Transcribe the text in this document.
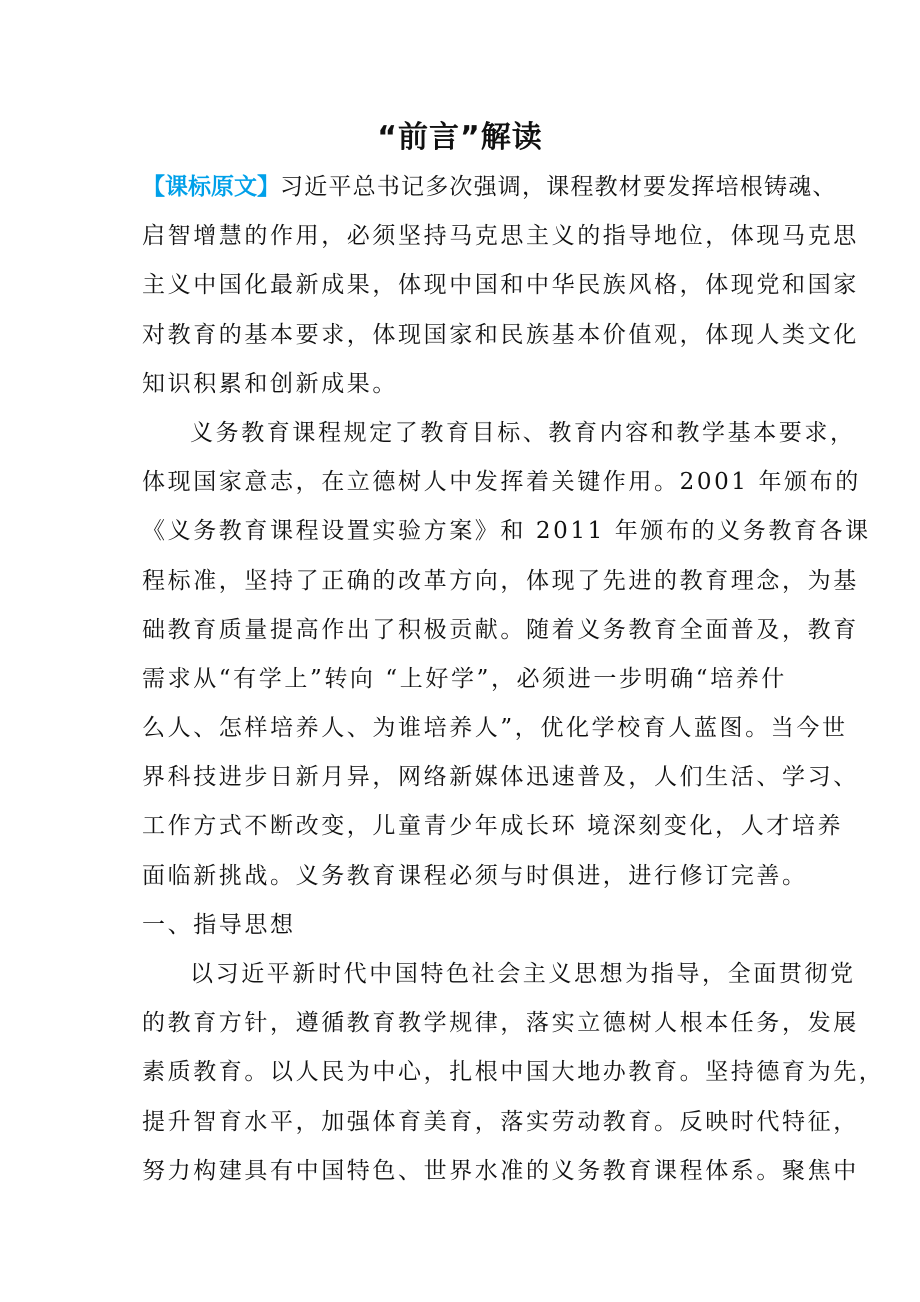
“前言”解读
【课标原文】习近平总书记多次强调，课程教材要发挥培根铸魂、
启智增慧的作用，必须坚持马克思主义的指导地位，体现马克思
主义中国化最新成果，体现中国和中华民族风格，体现党和国家
对教育的基本要求，体现国家和民族基本价值观，体现人类文化
知识积累和创新成果。
义务教育课程规定了教育目标、教育内容和教学基本要求，
体现国家意志，在立德树人中发挥着关键作用。2001 年颁布的
《义务教育课程设置实验方案》和 2011 年颁布的义务教育各课
程标准，坚持了正确的改革方向，体现了先进的教育理念，为基
础教育质量提高作出了积极贡献。随着义务教育全面普及，教育
需求从“有学上”转向 “上好学”，必须进一步明确“培养什
么人、怎样培养人、为谁培养人”，优化学校育人蓝图。当今世
界科技进步日新月异，网络新媒体迅速普及，人们生活、学习、
工作方式不断改变，儿童青少年成长环 境深刻变化，人才培养
面临新挑战。义务教育课程必须与时俱进，进行修订完善。
一、指导思想
以习近平新时代中国特色社会主义思想为指导，全面贯彻党
的教育方针，遵循教育教学规律，落实立德树人根本任务，发展
素质教育。以人民为中心，扎根中国大地办教育。坚持德育为先，
提升智育水平，加强体育美育，落实劳动教育。反映时代特征，
努力构建具有中国特色、世界水准的义务教育课程体系。聚焦中
